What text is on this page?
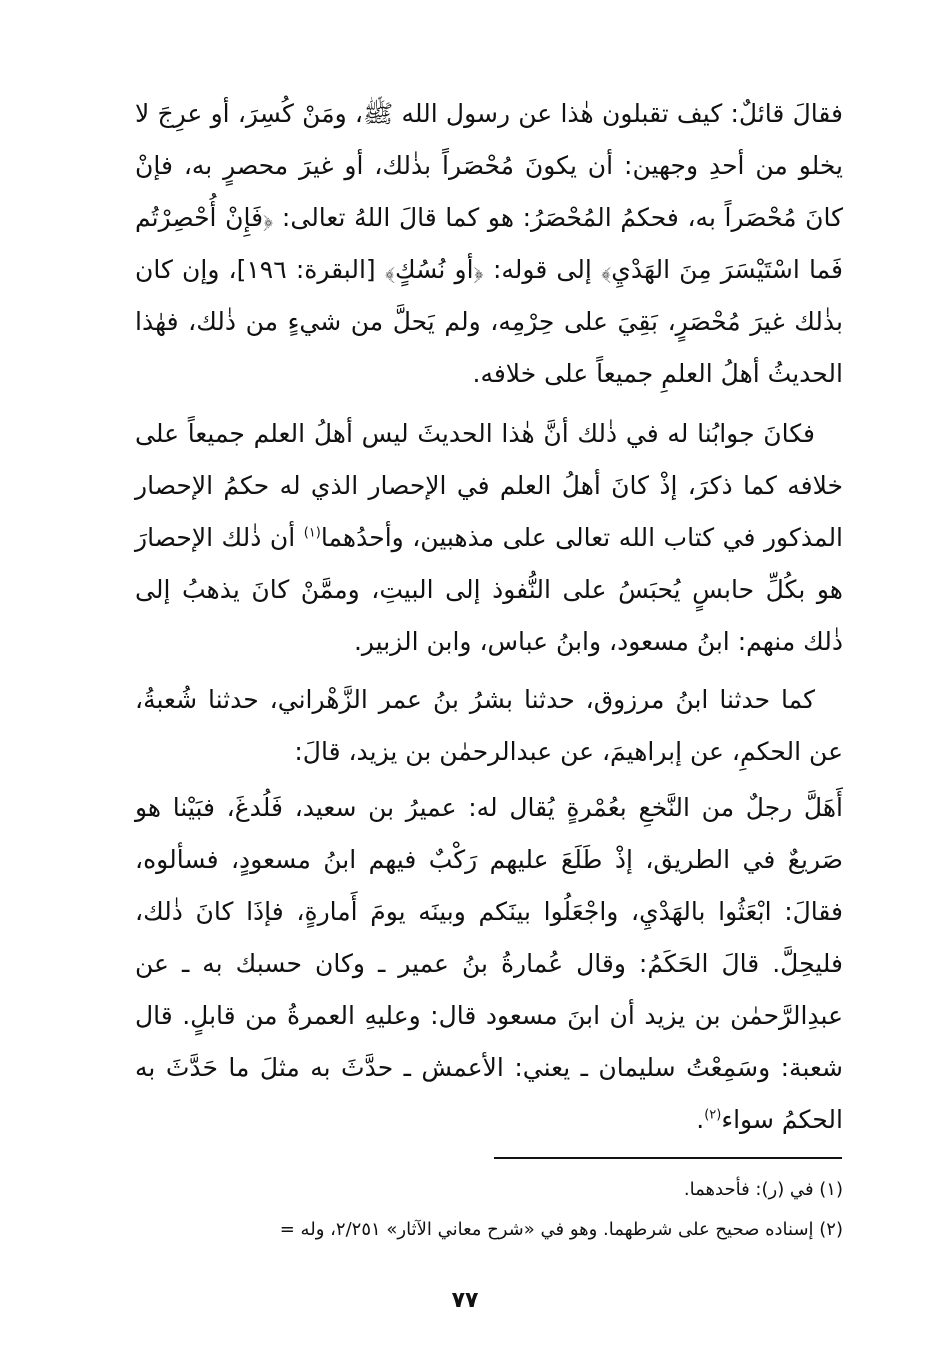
فقالَ قائلٌ: كيف تقبلون هٰذا عن رسول الله ﷺ، ومَنْ كُسِرَ، أو عرِجَ لا يخلو من أحدِ وجهين: أن يكونَ مُحْصَراً بذٰلك، أو غيرَ محصرٍ به، فإنْ كانَ مُحْصَراً به، فحكمُ المُحْصَرُ: هو كما قالَ اللهُ تعالى: ﴿فَإِنْ أُحْصِرْتُم فَما اسْتَيْسَرَ مِنَ الهَدْيِ﴾ إلى قوله: ﴿أو نُسُكٍ﴾ [البقرة: ١٩٦]، وإن كان بذٰلك غيرَ مُحْصَرٍ، بَقِيَ على حِرْمِه، ولم يَحلَّ من شيءٍ من ذٰلك، فهٰذا الحديثُ أهلُ العلمِ جميعاً على خلافه.

فكانَ جوابُنا له في ذٰلك أنَّ هٰذا الحديثَ ليس أهلُ العلم جميعاً على خلافه كما ذكرَ، إذْ كانَ أهلُ العلم في الإحصار الذي له حكمُ الإحصار المذكور في كتاب الله تعالى على مذهبين، وأحدُهما$^{(١)}$ أن ذٰلك الإحصارَ هو بكُلِّ حابسٍ يُحبَسُ على النُّفوذ إلى البيتِ، وممَّنْ كانَ يذهبُ إلى ذٰلك منهم: ابنُ مسعود، وابنُ عباس، وابن الزبير.

كما حدثنا ابنُ مرزوق، حدثنا بشرُ بنُ عمر الزَّهْراني، حدثنا شُعبةُ، عن الحكمِ، عن إبراهيمَ، عن عبدالرحمٰن بن يزيد، قالَ:

أَهَلَّ رجلٌ من النَّخعِ بعُمْرةٍ يُقال له: عميرُ بن سعيد، فَلُدغَ، فبَيْنا هو صَريعٌ في الطريق، إذْ طَلَعَ عليهم رَكْبٌ فيهم ابنُ مسعودٍ، فسألوه، فقالَ: ابْعَثُوا بالهَدْيِ، واجْعَلُوا بينَكم وبينَه يومَ أَمارةٍ، فإذَا كانَ ذٰلك، فليحِلَّ. قالَ الحَكَمُ: وقال عُمارةُ بنُ عمير ـ وكان حسبك به ـ عن عبدِالرَّحمٰن بن يزيد أن ابنَ مسعود قال: وعليهِ العمرةُ من قابلٍ. قال شعبة: وسَمِعْتُ سليمان ـ يعني: الأعمش ـ حدَّثَ به مثلَ ما حَدَّثَ به الحكمُ سواء$^{(٢)}$.

(١) في (ر): فأحدهما.

(٢) إسناده صحيح على شرطهما. وهو في «شرح معاني الآثار» ٢/٢٥١، وله =

٧٧
